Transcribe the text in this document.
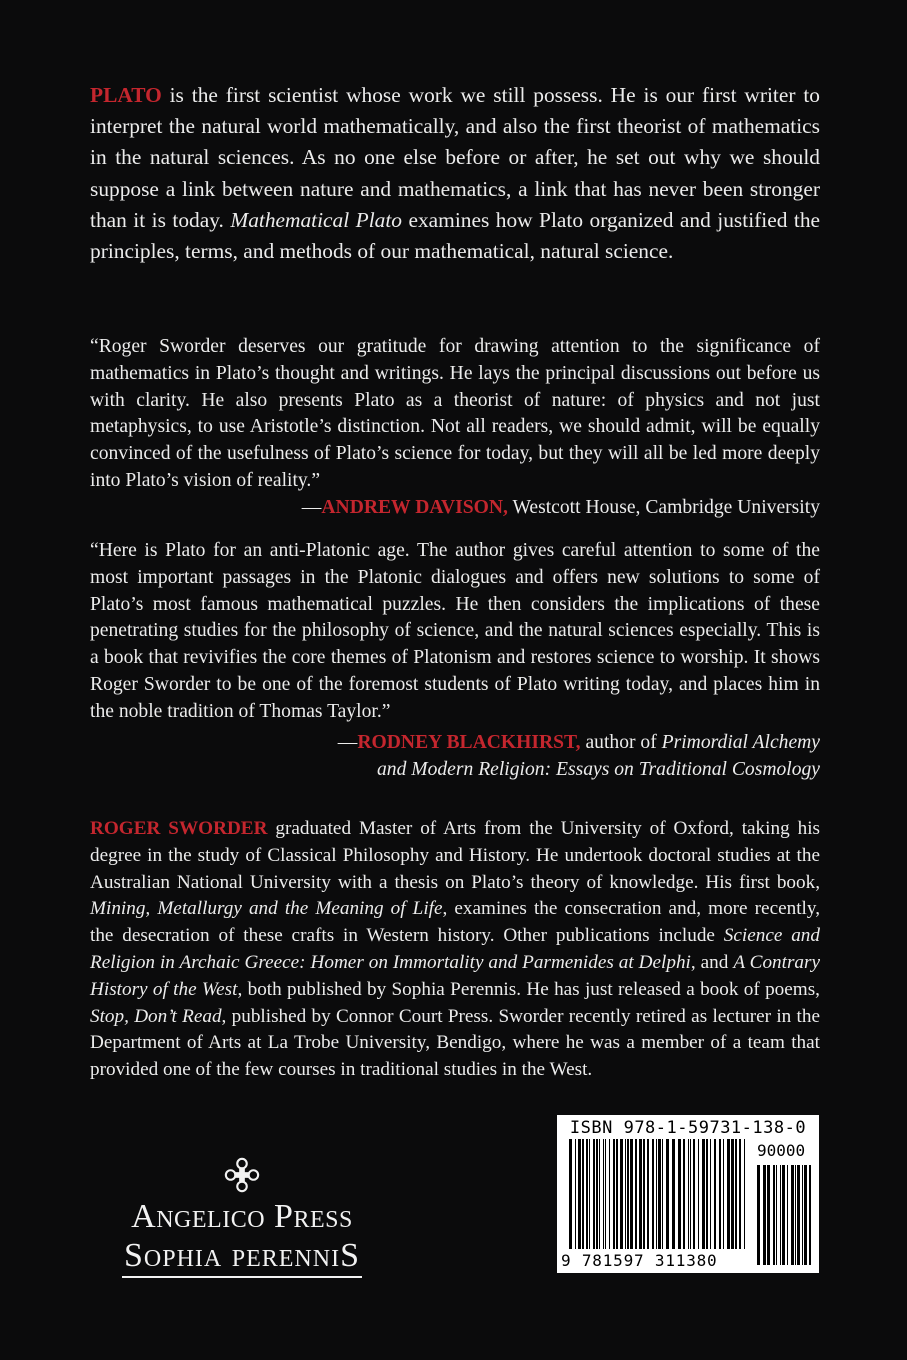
PLATO is the first scientist whose work we still possess. He is our first writer to interpret the natural world mathematically, and also the first theorist of mathematics in the natural sciences. As no one else before or after, he set out why we should suppose a link between nature and mathematics, a link that has never been stronger than it is today. Mathematical Plato examines how Plato organized and justified the principles, terms, and methods of our mathematical, natural science.

“Roger Sworder deserves our gratitude for drawing attention to the significance of mathematics in Plato’s thought and writings. He lays the principal discussions out before us with clarity. He also presents Plato as a theorist of nature: of physics and not just metaphysics, to use Aristotle’s distinction. Not all readers, we should admit, will be equally convinced of the usefulness of Plato’s science for today, but they will all be led more deeply into Plato’s vision of reality.”

—ANDREW DAVISON, Westcott House, Cambridge University

“Here is Plato for an anti-Platonic age. The author gives careful attention to some of the most important passages in the Platonic dialogues and offers new solutions to some of Plato’s most famous mathematical puzzles. He then considers the implications of these penetrating studies for the philosophy of science, and the natural sciences especially. This is a book that revivifies the core themes of Platonism and restores science to worship. It shows Roger Sworder to be one of the foremost students of Plato writing today, and places him in the noble tradition of Thomas Taylor.”

—RODNEY BLACKHIRST, author of Primordial Alchemy
and Modern Religion: Essays on Traditional Cosmology

ROGER SWORDER graduated Master of Arts from the University of Oxford, taking his degree in the study of Classical Philosophy and History. He undertook doctoral studies at the Australian National University with a thesis on Plato’s theory of knowledge. His first book, Mining, Metallurgy and the Meaning of Life, examines the consecration and, more recently, the desecration of these crafts in Western history. Other publications include Science and Religion in Archaic Greece: Homer on Immortality and Parmenides at Delphi, and A Contrary History of the West, both published by Sophia Perennis. He has just released a book of poems, Stop, Don’t Read, published by Connor Court Press. Sworder recently retired as lecturer in the Department of Arts at La Trobe University, Bendigo, where he was a member of a team that provided one of the few courses in traditional studies in the West.

Angelico Press
Sophia perenniS
ISBN 978-1-59731-138-0
90000
9 781597 311380
